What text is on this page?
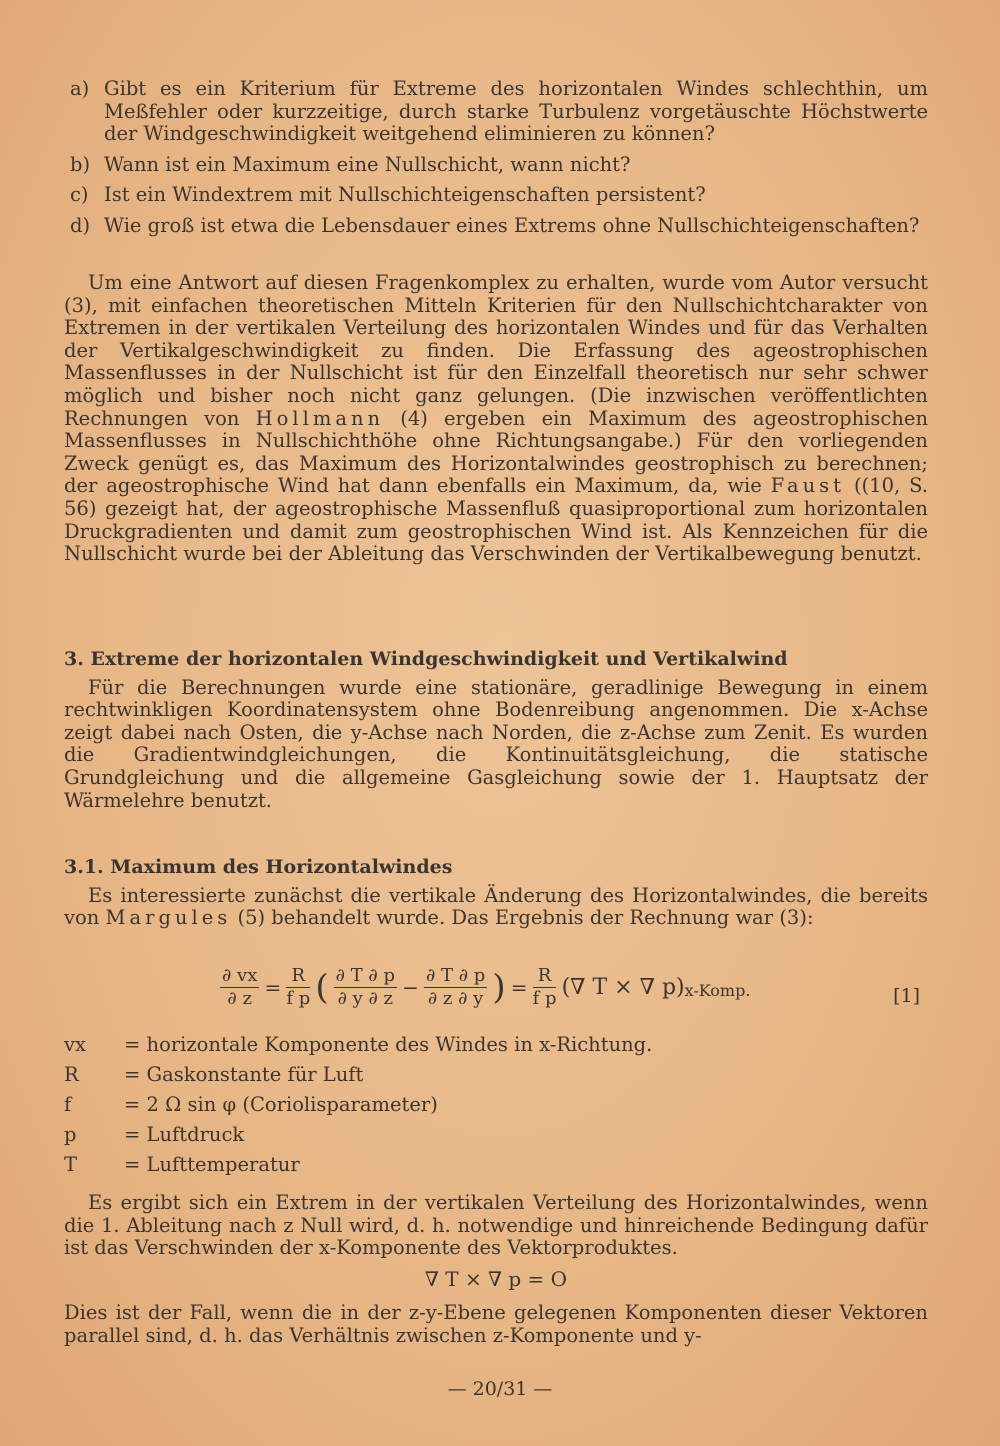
a) Gibt es ein Kriterium für Extreme des horizontalen Windes schlechthin, um Meßfehler oder kurzzeitige, durch starke Turbulenz vorgetäuschte Höchstwerte der Windgeschwindigkeit weitgehend eliminieren zu können?

b) Wann ist ein Maximum eine Nullschicht, wann nicht?

c) Ist ein Windextrem mit Nullschichteigenschaften persistent?

d) Wie groß ist etwa die Lebensdauer eines Extrems ohne Nullschichteigenschaften?

Um eine Antwort auf diesen Fragenkomplex zu erhalten, wurde vom Autor versucht (3), mit einfachen theoretischen Mitteln Kriterien für den Nullschichtcharakter von Extremen in der vertikalen Verteilung des horizontalen Windes und für das Verhalten der Vertikalgeschwindigkeit zu finden. Die Erfassung des ageostrophischen Massenflusses in der Nullschicht ist für den Einzelfall theoretisch nur sehr schwer möglich und bisher noch nicht ganz gelungen. (Die inzwischen veröffentlichten Rechnungen von Hollmann (4) ergeben ein Maximum des ageostrophischen Massenflusses in Nullschichthöhe ohne Richtungsangabe.) Für den vorliegenden Zweck genügt es, das Maximum des Horizontalwindes geostrophisch zu berechnen; der ageostrophische Wind hat dann ebenfalls ein Maximum, da, wie Faust ((10, S. 56) gezeigt hat, der ageostrophische Massenfluß quasiproportional zum horizontalen Druckgradienten und damit zum geostrophischen Wind ist. Als Kennzeichen für die Nullschicht wurde bei der Ableitung das Verschwinden der Vertikalbewegung benutzt.

3. Extreme der horizontalen Windgeschwindigkeit und Vertikalwind

Für die Berechnungen wurde eine stationäre, geradlinige Bewegung in einem rechtwinkligen Koordinatensystem ohne Bodenreibung angenommen. Die x-Achse zeigt dabei nach Osten, die y-Achse nach Norden, die z-Achse zum Zenit. Es wurden die Gradientwindgleichungen, die Kontinuitätsgleichung, die statische Grundgleichung und die allgemeine Gasgleichung sowie der 1. Hauptsatz der Wärmelehre benutzt.

3.1. Maximum des Horizontalwindes

Es interessierte zunächst die vertikale Änderung des Horizontalwindes, die bereits von Margules (5) behandelt wurde. Das Ergebnis der Rechnung war (3):

$\frac{\partial vx}{\partial z} = \frac{R}{\text{f p}}$ ( $\frac{\partial T \partial p}{\partial y \partial z} - \frac{\partial T \partial p}{\partial z \partial y}$ ) = $\frac{R}{\text{f p}}$ (∇ T × ∇ $p)_{x-Komp.}$	[1]
vx = horizontale Komponente des Windes in x-Richtung.
R = Gaskonstante für Luft
f	= 2 Ω sin φ (Coriolisparameter)
p = Luftdruck
T = Lufttemperatur

Es ergibt sich ein Extrem in der vertikalen Verteilung des Horizontalwindes, wenn die 1. Ableitung nach z Null wird, d. h. notwendige und hinreichende Bedingung dafür ist das Verschwinden der x-Komponente des Vektorproduktes.

∇ T × ∇ p = O

Dies ist der Fall, wenn die in der z-y-Ebene gelegenen Komponenten dieser Vektoren parallel sind, d. h. das Verhältnis zwischen z-Komponente und y-

— 20/31 —
